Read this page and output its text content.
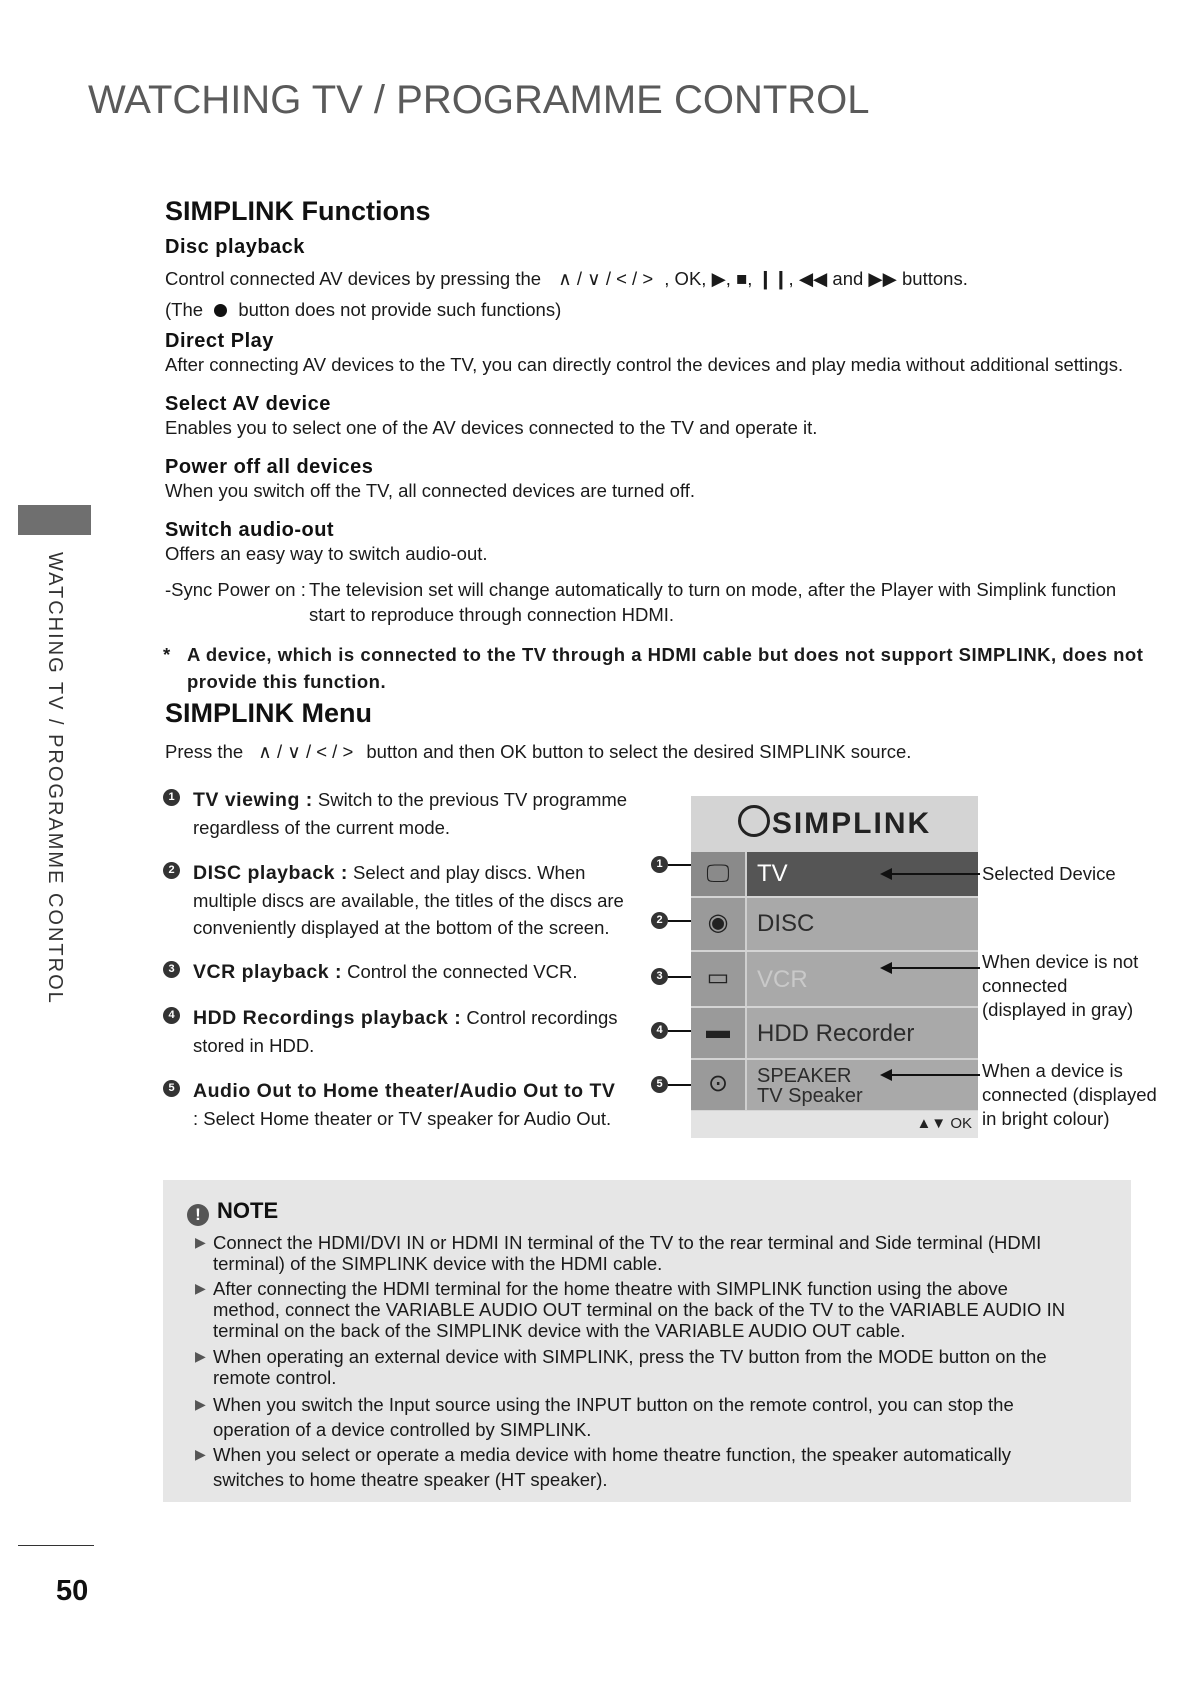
WATCHING TV / PROGRAMME CONTROL
WATCHING TV / PROGRAMME CONTROL
SIMPLINK Functions
Disc playback
Control connected AV devices by pressing the ∧ / ∨ / < / > , OK, ▶, ■, ❙❙, ◀◀ and ▶▶ buttons.
(The button does not provide such functions)
Direct Play
After connecting AV devices to the TV, you can directly control the devices and play media without additional settings.
Select AV device
Enables you to select one of the AV devices connected to the TV and operate it.
Power off all devices
When you switch off the TV, all connected devices are turned off.
Switch audio-out
Offers an easy way to switch audio-out.
-Sync Power on : The television set will change automatically to turn on mode, after the Player with Simplink function
start to reproduce through connection HDMI.
* A device, which is connected to the TV through a HDMI cable but does not support SIMPLINK, does not
provide this function.
SIMPLINK Menu
Press the ∧ / ∨ / < / > button and then OK button to select the desired SIMPLINK source.
1 TV viewing : Switch to the previous TV programme
regardless of the current mode.
2 DISC playback : Select and play discs. When
multiple discs are available, the titles of the discs are
conveniently displayed at the bottom of the screen.
3 VCR playback : Control the connected VCR.
4 HDD Recordings playback : Control recordings
stored in HDD.
5 Audio Out to Home theater/Audio Out to TV
: Select Home theater or TV speaker for Audio Out.
SIMPLINK
🖵 TV
◉ DISC
▭ VCR
▬ HDD Recorder
⊙	SPEAKER
TV Speaker
▲▼ OK
1
2
3
4
5
Selected Device
When device is not
connected
(displayed in gray)
When a device is
connected (displayed
in bright colour)
! NOTE
▶ Connect the HDMI/DVI IN or HDMI IN terminal of the TV to the rear terminal and Side terminal (HDMI
terminal) of the SIMPLINK device with the HDMI cable.
▶ After connecting the HDMI terminal for the home theatre with SIMPLINK function using the above
method, connect the VARIABLE AUDIO OUT terminal on the back of the TV to the VARIABLE AUDIO IN
terminal on the back of the SIMPLINK device with the VARIABLE AUDIO OUT cable.
▶ When operating an external device with SIMPLINK, press the TV button from the MODE button on the
remote control.
▶ When you switch the Input source using the INPUT button on the remote control, you can stop the
operation of a device controlled by SIMPLINK.
▶ When you select or operate a media device with home theatre function, the speaker automatically
switches to home theatre speaker (HT speaker).
50
